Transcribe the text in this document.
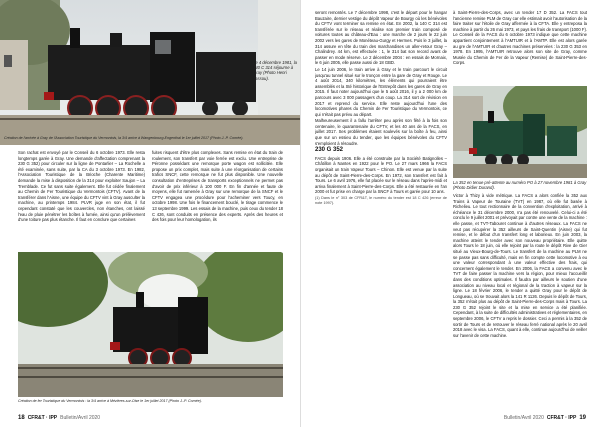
Le 4 décembre 1981, la 140 C 314 séjourne à Gray (Photo Henri Tassou).
Création de l'arrivée à Gray de l'Association Touristique du Vermontois, la 3/4 arrive à Wangenbourg-Engenthal le 1er juillet 2017 (Photo J.-P. Cornée).
Son rachat est envoyé par le Conseil du 6 octobre 1973. Elle resta longtemps garée à Gray. Une demande d'affectation comprenant la 230 G 352) pour circuler sur la ligne de Pontarlier – La Rochelle a été examinée, sans suite, par la CA du 3 octobre 1973. En 1982, l'Association Touristique de la Brioche (Charente Maritime) demande la mise à disposition de la 314 pour exploiter Saujon – La Tremblade. Ce fut sans suite également. Elle fut cédée finalement au Chemin de Fer Touristique du Vermontois (CFTV). Avant de la transférer dans l'Aisne, une équipe du CFTV vint à Gray ausculter la machine, au printemps 1984. PLVR juge en son état, il fut cependant constaté que les couvercles, non étanches, ont laissé l'eau de pluie pénétrer les boîtes à fumée, ainsi qu'un prélèvement d'une toiture pas plus étanche. Il faut en conclure que certaines
fuites risquent d'être plus complexes. Sans remise en état du train de roulement, son transfert par voie ferrée est exclu. Une entreprise de Péronne possédant une remorque porte wagon est sollicitée. Elle propose un prix complet, mais suite à une réorganisation de certains trafics SNCF, cette remorque ne fut plus disponible. Une nouvelle consultation d'entreprises de transports exceptionnels ne permet pas d'avoir de prix inférieur à 100 000 F. En fin d'année et faute de moyens, elle fut ramenée à Gray sur une remorque de la SNCF et le CFTV engagea une procédure pour l'acheminer vers Toucy, en octobre 1998. Une fois le financement bouclé, le tirage commence le 13 septembre 1999. Les essais de la machine, puis ceux du tender 18 C 426, sont conduits en présence des experts. Après des heures et des fois pour leur homologation, ils
Création de fer Touristique du Vermontois : la 3/4 arrive à Mézières-sur-Oise le 1er juillet 2017 (Photo J.-P. Cornée).
18 CFR&T · IPP Bulletin/Avril 2020

seront remontés. Le 7 décembre 1998, c'est le départ pour le hangar Bauzaire, dernier vestige du dépôt Vapeur de Bourgy où les bénévoles du CFTV vont terminer sa remise en état. En 2002, la 140 C 314 est transférée sur le réseau et réalise son premier train composé de voitures toutes au château-d'Eau : une marche de 2 jours le 22 juin 2002 vers les gares de Monéteau-Gurgy et Hermes. Puis le 3 juillet, la 314 assure en tête du train des marchandises un aller-retour Gray – Chalindrey. 44 km, est effectuée : 1, le 314 bat son record avant de passer en mode réserve. Le 2 décembre 2004 : en essais de Mornaix, le 6 juin 2005, elle passe aussi de 18 GBD.

Le 14 juin 2006, le train arrive à Gray et le train parcourt le circuit jusqu'au tunnel situé sur le tronçon entre la gare de Gray et Rouge. Le 4 août 2014, 340 kilomètres, les éléments qui pourraient être assemblés et la Sté historique de l'Entrepôt dans les gares de Gray en 2015. Il faut noter aujourd'hui que le 5 août 2016, il y a 2 000 km de parcours avec 3 000 passagers d'un coup. La 314 sort de révision en 2017 et reprend du service. Elle reste aujourd'hui l'une des locomotives phares du Chemin de Fer Touristique du Vermontois, ce qui n'était pas prévu au départ.

Malheureusement il a fallu l'arrêter peu après son fêté à la fois son centenaire, le quarantenaire du CFTV, et les 40 ans de la FACS, en juillet 2017. Ses problèmes étaient soulevés sur la boîte à feu, ainsi que sur un essieu du tender, que les équipes bénévoles du CFTV s'emploient à résoudre.

230 G 352

FACS depuis 1906. Elle a été construite par la Société Batignolles – Châtillon à Nantes en 1922 pour le PO. Le 27 mars 1966 la FACS organisait un train Vapeur Tours – Chinon. Elle est venue par la suite au dépôt de Saint-Pierre-des-Corps. En 1972, son transfert est fait à Tours. Le 6 avril 1976, elle fut placée sur le réseau dans l'après-midi et arriva finalement à Saint-Pierre-des-Corps. Elle a été restaurée en l'an 2000 et fut prise en charge par la SNCF à Tours et garée pour 10 ans.

(1) Dans le n° 303 de CFR&T, le numéro du tender est 18 C 426 (erreur de note 1997).

à Saint-Pierre-des-Corps, avec un tender 17 D 352. La FACS tout l'ancienne remise PLM de Gray car elle estimait avoir l'autorisation de la faire traiter sur l'étoile de Gray affermée à la CFTA. Elle y entreposa la machine à partir du 26 mai 1973, et pays les frais de transport (1000 F). Le Conseil de la FACS du 6 octobre 1973 indique que cette machine appartient conjointement à l'AMTUIR et à l'AMTP. Elle est alors garée au gre de l'AMTUIR et d'autres machines préservées : la 230 G 353 en 1978. En 1995, l'AMTUIR retrouve alors son site de Gray, comme Musée du Chemin de Fer de la Vapeur (Remise) de Saint-Pierre-des-Corps.
La 352 en tenue pré-attente au numéro PO à 27 novembre 1981 à Gray (Photo Didier Durand).
Victor à Thizy à vide métrique. La FACS a alors confiée la 352 aux Trains à Vapeur de Touraine (TVT) en 1987, où elle fut basée à Richelieu. Le tout rectionnaire de la convention d'exploitation, arrivé à échéance le 31 décembre 2000, n'a pas été renouvelé. Celui-ci a été conclu le 9 juillet 2001 et prévoyait par contre une vente de la machine : elle passe, et TVT-Tabouret continue à d'autres réseaux. La FACS ne veut pas récupérer la 352 ailleurs de Saint-Quentin (Aisne) qui fut remise, et le début d'un transfert long et laborieux. En juin 2003, la machine atteint le tender avec son nouveau propriétaire. Elle quitte alors Tours le 18 juin, où elle rejoint par la route le dépôt Rive de Gier situé au Vieux-Bourg-de-Tours. Le transfert de la machine au PLM ne se passe pas sans difficulté, mais en fin compte cette locomotive à eu une valeur correspondant à une valeur effective des frais, qui concernent également le tender. En 2006, la FACS a convenu avec le TVT de faire passer la machine vers la région, pour mieux l'accueillir dans des conditions optimales. Il faudra par ailleurs le soutien d'une association au niveau local et régional de la traction à vapeur sur la ligne. Le 18 février 2006, le tender a quitté Gray pour le dépôt de Longueau, où se trouvait alors la 141 R 1126. Depuis le dépôt de Tours, la 352 n'était plus au dépôt de Saint-Pierre-des-Corps mais à Tours. La 230 G 352 rejoint le site et la mise en service a été planifiée. Cependant, à la suite de difficultés administratives et réglementaires, en septembre 2006, le CFTV a repris le dossier. Ceci a permis à la 352 de sortir de Tours et de retrouver le réseau ferré national après le 20 avril 2018 avec le visa. La FACS, quant à elle, continue aujourd'hui de veiller sur l'avenir de cette machine.
Bulletin/Avril 2020 CFR&T · IPP 19
